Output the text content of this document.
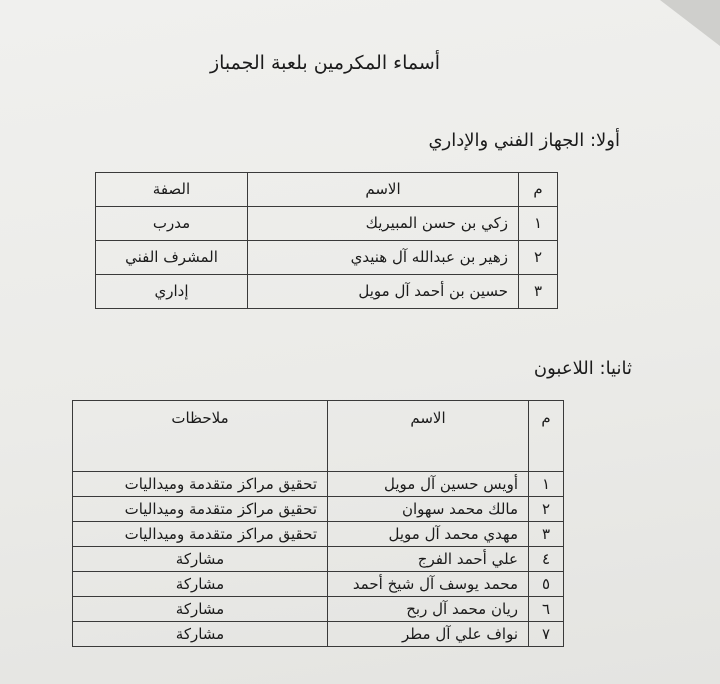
أسماء المكرمين بلعبة الجمباز
أولا: الجهاز الفني والإداري
م	الاسم	الصفة
١	زكي بن حسن المبيريك	مدرب
٢	زهير بن عبدالله آل هنيدي	المشرف الفني
٣	حسين بن أحمد آل مويل	إداري
ثانيا: اللاعبون
م	الاسم	ملاحظات
١	أويس حسين آل مويل	تحقيق مراكز متقدمة وميداليات
٢	مالك محمد سهوان	تحقيق مراكز متقدمة وميداليات
٣	مهدي محمد آل مويل	تحقيق مراكز متقدمة وميداليات
٤	علي أحمد الفرج	مشاركة
٥	محمد يوسف آل شيخ أحمد	مشاركة
٦	ريان محمد آل ربح	مشاركة
٧	نواف علي آل مطر	مشاركة
